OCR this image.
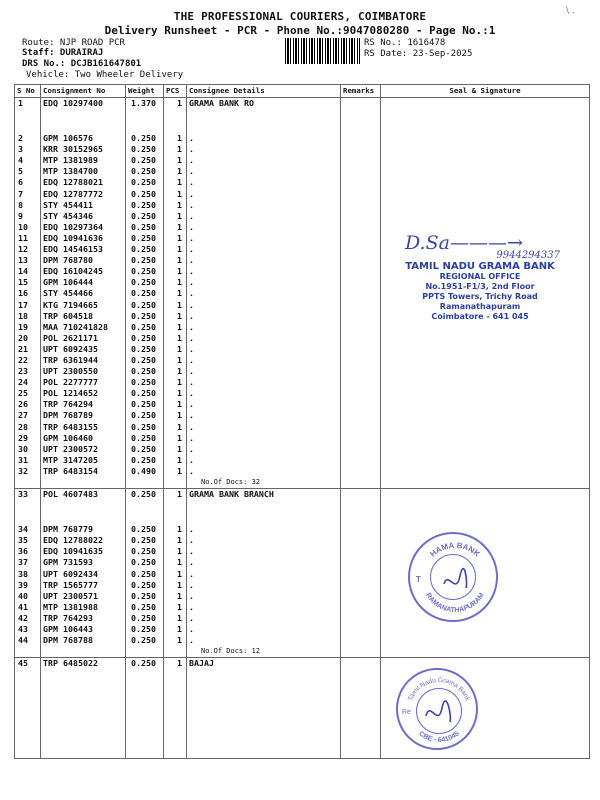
THE PROFESSIONAL COURIERS, COIMBATORE
Delivery Runsheet - PCR - Phone No.:9047080280 - Page No.:1
\ .
Route: NJP ROAD PCR
Staff: DURAIRAJ
DRS No.: DCJB161647801
Vehicle: Two Wheeler Delivery
RS No.: 1616478
RS Date: 23-Sep-2025
S No	Consignment No	Weight	PCS	Consignee Details	Remarks	Seal & Signature
1	EDQ 10297400	1.370	1	GRAMA BANK RO		

2	GPM 106576	0.250	1	.		
3	KRR 30152965	0.250	1	.		
4	MTP 1381989	0.250	1	.		
5	MTP 1384700	0.250	1	.		
6	EDQ 12788021	0.250	1	.		
7	EDQ 12787772	0.250	1	.		
8	STY 454411	0.250	1	.		
9	STY 454346	0.250	1	.		
10	EDQ 10297364	0.250	1	.		
11	EDQ 10941636	0.250	1	.		
12	EDQ 14546153	0.250	1	.		
13	DPM 768780	0.250	1	.		
14	EDQ 16104245	0.250	1	.		
15	GPM 106444	0.250	1	.		
16	STY 454466	0.250	1	.		
17	KTG 7194665	0.250	1	.		
18	TRP 604518	0.250	1	.		
19	MAA 710241828	0.250	1	.		
20	POL 2621171	0.250	1	.		
21	UPT 6092435	0.250	1	.		
22	TRP 6361944	0.250	1	.		
23	UPT 2300550	0.250	1	.		
24	POL 2277777	0.250	1	.		
25	POL 1214652	0.250	1	.		
26	TRP 764294	0.250	1	.		
27	DPM 768789	0.250	1	.		
28	TRP 6483155	0.250	1	.		
29	GPM 106460	0.250	1	.		
30	UPT 2300572	0.250	1	.		
31	MTP 3147205	0.250	1	.		
32	TRP 6483154	0.490	1	.		
				No.Of Docs: 32		
33	POL 4607483	0.250	1	GRAMA BANK BRANCH		

34	DPM 768779	0.250	1	.		
35	EDQ 12788022	0.250	1	.		
36	EDQ 10941635	0.250	1	.		
37	GPM 731593	0.250	1	.		
38	UPT 6092434	0.250	1	.		
39	TRP 1565777	0.250	1	.		
40	UPT 2300571	0.250	1	.		
41	MTP 1381988	0.250	1	.		
42	TRP 764293	0.250	1	.		
43	GPM 106443	0.250	1	.		
44	DPM 768788	0.250	1	.		
				No.Of Docs: 12		
45	TRP 6485022	0.250	1	BAJAJ		

D.Sa———→
9944294337
TAMIL NADU GRAMA BANK
REGIONAL OFFICE
No.1951-F1/3, 2nd Floor
PPTS Towers, Trichy Road
Ramanathapuram
Coimbatore - 641 045
HAMA BANK
RAMANATHAPURAM
T
Tamil Nadu Grama Bank
CBE - 641045
Re
